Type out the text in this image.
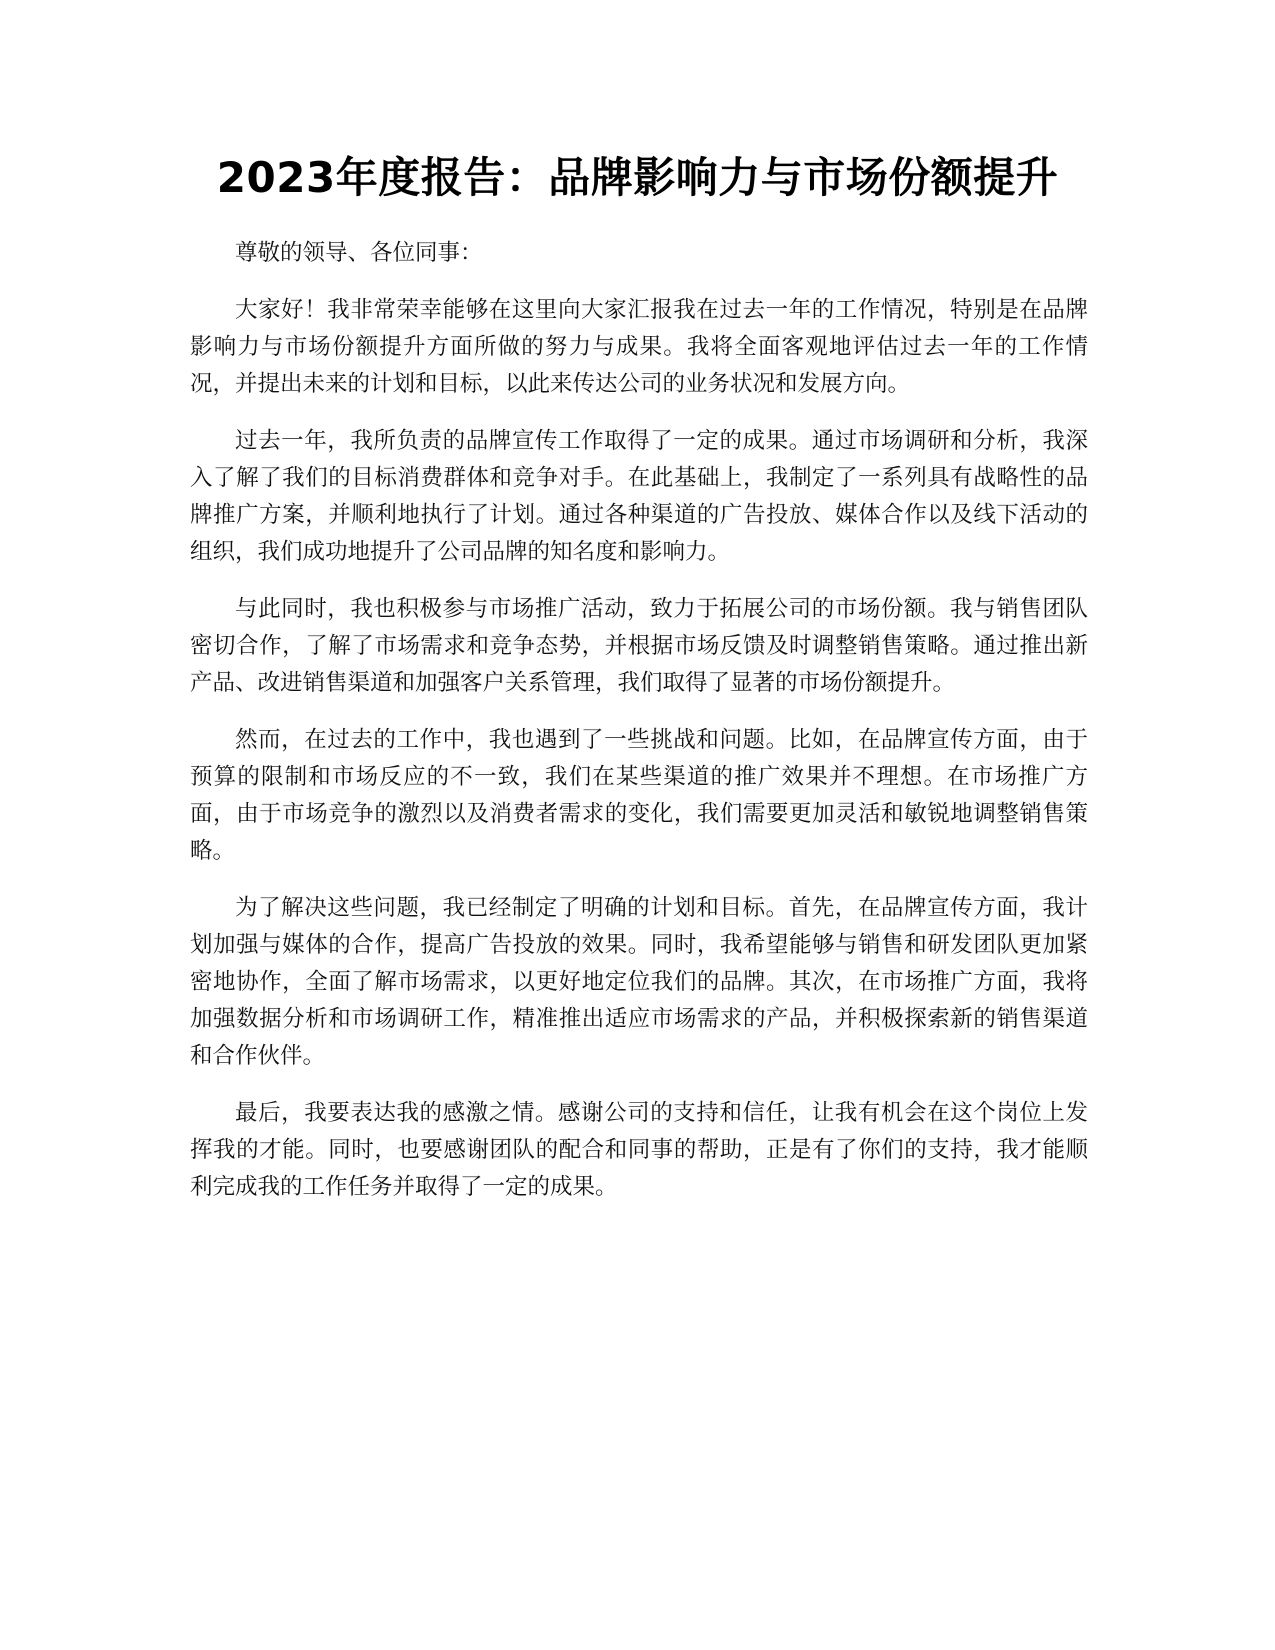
2023年度报告：品牌影响力与市场份额提升

尊敬的领导、各位同事：

大家好！我非常荣幸能够在这里向大家汇报我在过去一年的工作情况，特别是在品牌影响力与市场份额提升方面所做的努力与成果。我将全面客观地评估过去一年的工作情况，并提出未来的计划和目标，以此来传达公司的业务状况和发展方向。

过去一年，我所负责的品牌宣传工作取得了一定的成果。通过市场调研和分析，我深入了解了我们的目标消费群体和竞争对手。在此基础上，我制定了一系列具有战略性的品牌推广方案，并顺利地执行了计划。通过各种渠道的广告投放、媒体合作以及线下活动的组织，我们成功地提升了公司品牌的知名度和影响力。

与此同时，我也积极参与市场推广活动，致力于拓展公司的市场份额。我与销售团队密切合作，了解了市场需求和竞争态势，并根据市场反馈及时调整销售策略。通过推出新产品、改进销售渠道和加强客户关系管理，我们取得了显著的市场份额提升。

然而，在过去的工作中，我也遇到了一些挑战和问题。比如，在品牌宣传方面，由于预算的限制和市场反应的不一致，我们在某些渠道的推广效果并不理想。在市场推广方面，由于市场竞争的激烈以及消费者需求的变化，我们需要更加灵活和敏锐地调整销售策略。

为了解决这些问题，我已经制定了明确的计划和目标。首先，在品牌宣传方面，我计划加强与媒体的合作，提高广告投放的效果。同时，我希望能够与销售和研发团队更加紧密地协作，全面了解市场需求，以更好地定位我们的品牌。其次，在市场推广方面，我将加强数据分析和市场调研工作，精准推出适应市场需求的产品，并积极探索新的销售渠道和合作伙伴。

最后，我要表达我的感激之情。感谢公司的支持和信任，让我有机会在这个岗位上发挥我的才能。同时，也要感谢团队的配合和同事的帮助，正是有了你们的支持，我才能顺利完成我的工作任务并取得了一定的成果。
